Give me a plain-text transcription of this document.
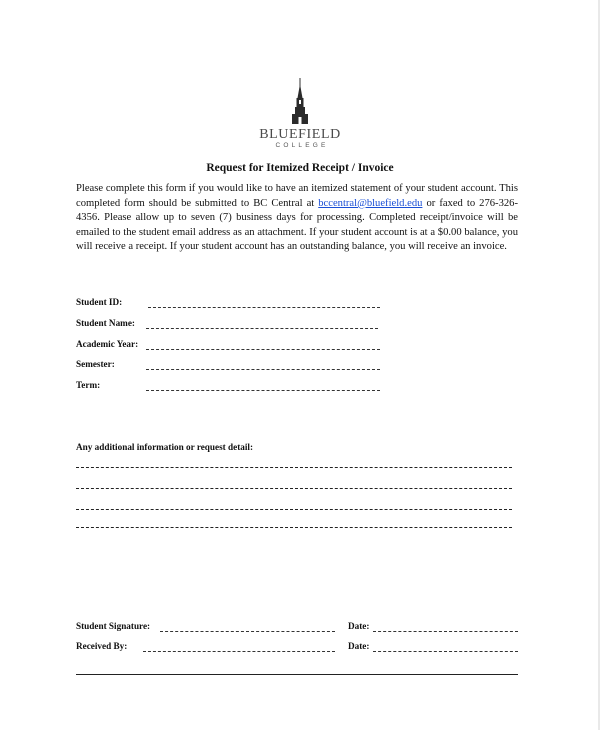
BLUEFIELD
COLLEGE
Request for Itemized Receipt / Invoice

Please complete this form if you would like to have an itemized statement of your student account. This completed form should be submitted to BC Central at bccentral@bluefield.edu or faxed to 276-326-4356. Please allow up to seven (7) business days for processing. Completed receipt/invoice will be emailed to the student email address as an attachment. If your student account is at a $0.00 balance, you will receive a receipt. If your student account has an outstanding balance, you will receive an invoice.

Student ID:
Student Name:
Academic Year:
Semester:
Term:
Any additional information or request detail:
Student Signature:	Date:
Received By:	Date:
